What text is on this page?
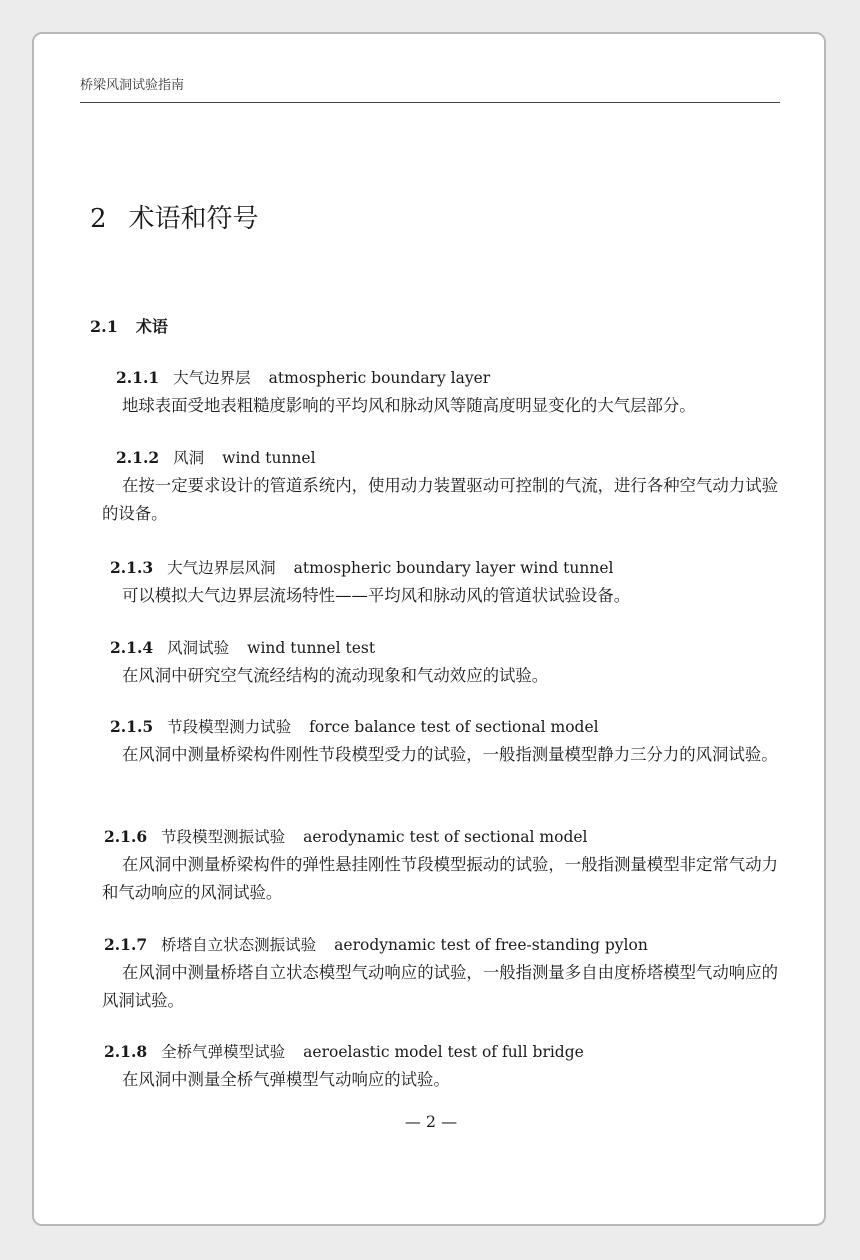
桥梁风洞试验指南
2 术语和符号
2.1 术语
2.1.1 大气边界层 atmospheric boundary layer
地球表面受地表粗糙度影响的平均风和脉动风等随高度明显变化的大气层部分。
2.1.2 风洞 wind tunnel
在按一定要求设计的管道系统内，使用动力装置驱动可控制的气流，进行各种空气动力试验的设备。
2.1.3 大气边界层风洞 atmospheric boundary layer wind tunnel
可以模拟大气边界层流场特性——平均风和脉动风的管道状试验设备。
2.1.4 风洞试验 wind tunnel test
在风洞中研究空气流经结构的流动现象和气动效应的试验。
2.1.5 节段模型测力试验 force balance test of sectional model
在风洞中测量桥梁构件刚性节段模型受力的试验，一般指测量模型静力三分力的风洞试验。
2.1.6 节段模型测振试验 aerodynamic test of sectional model
在风洞中测量桥梁构件的弹性悬挂刚性节段模型振动的试验，一般指测量模型非定常气动力和气动响应的风洞试验。
2.1.7 桥塔自立状态测振试验 aerodynamic test of free-standing pylon
在风洞中测量桥塔自立状态模型气动响应的试验，一般指测量多自由度桥塔模型气动响应的风洞试验。
2.1.8 全桥气弹模型试验 aeroelastic model test of full bridge
在风洞中测量全桥气弹模型气动响应的试验。
— 2 —
